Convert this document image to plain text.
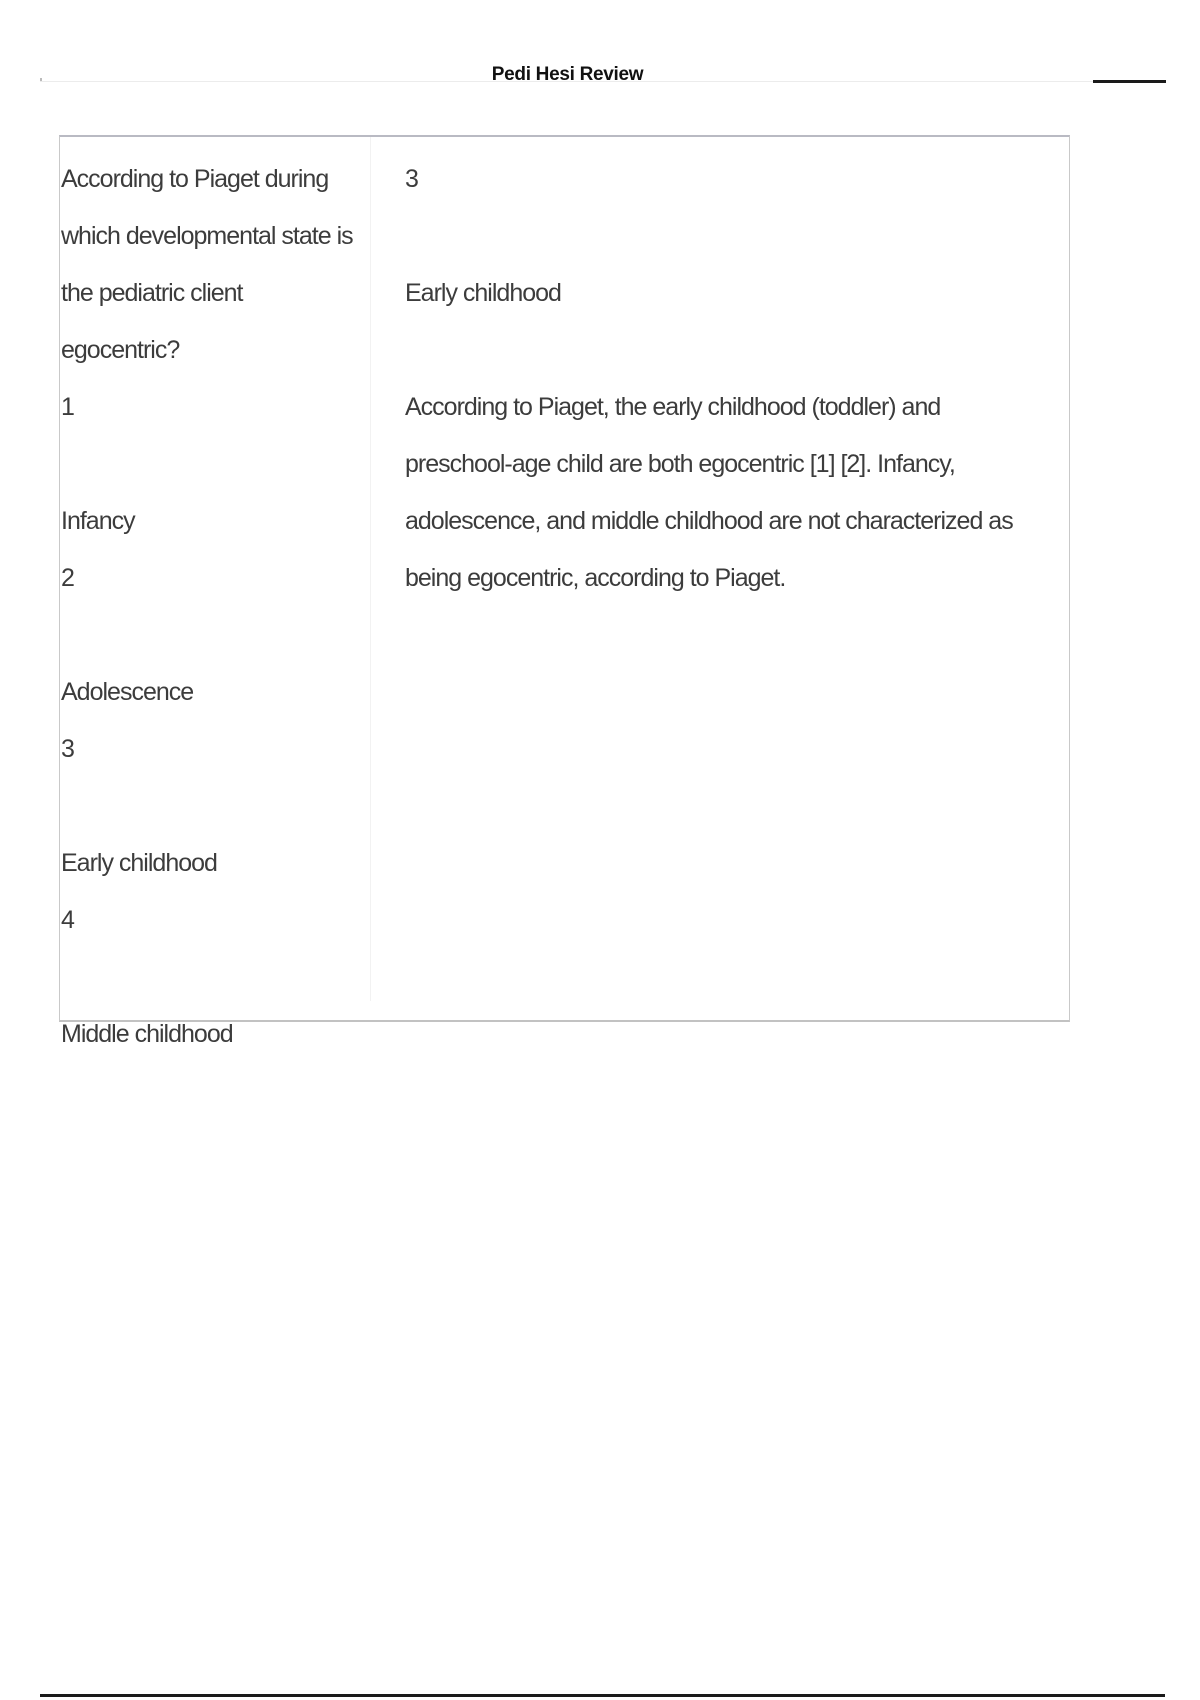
Pedi Hesi Review
According to Piaget during which developmental state is the pediatric client egocentric?
1
Infancy
2
Adolescence
3
Early childhood
4
Middle childhood
3
Early childhood
According to Piaget, the early childhood (toddler) and preschool-age child are both egocentric [1] [2]. Infancy, adolescence, and middle childhood are not characterized as being egocentric, according to Piaget.
